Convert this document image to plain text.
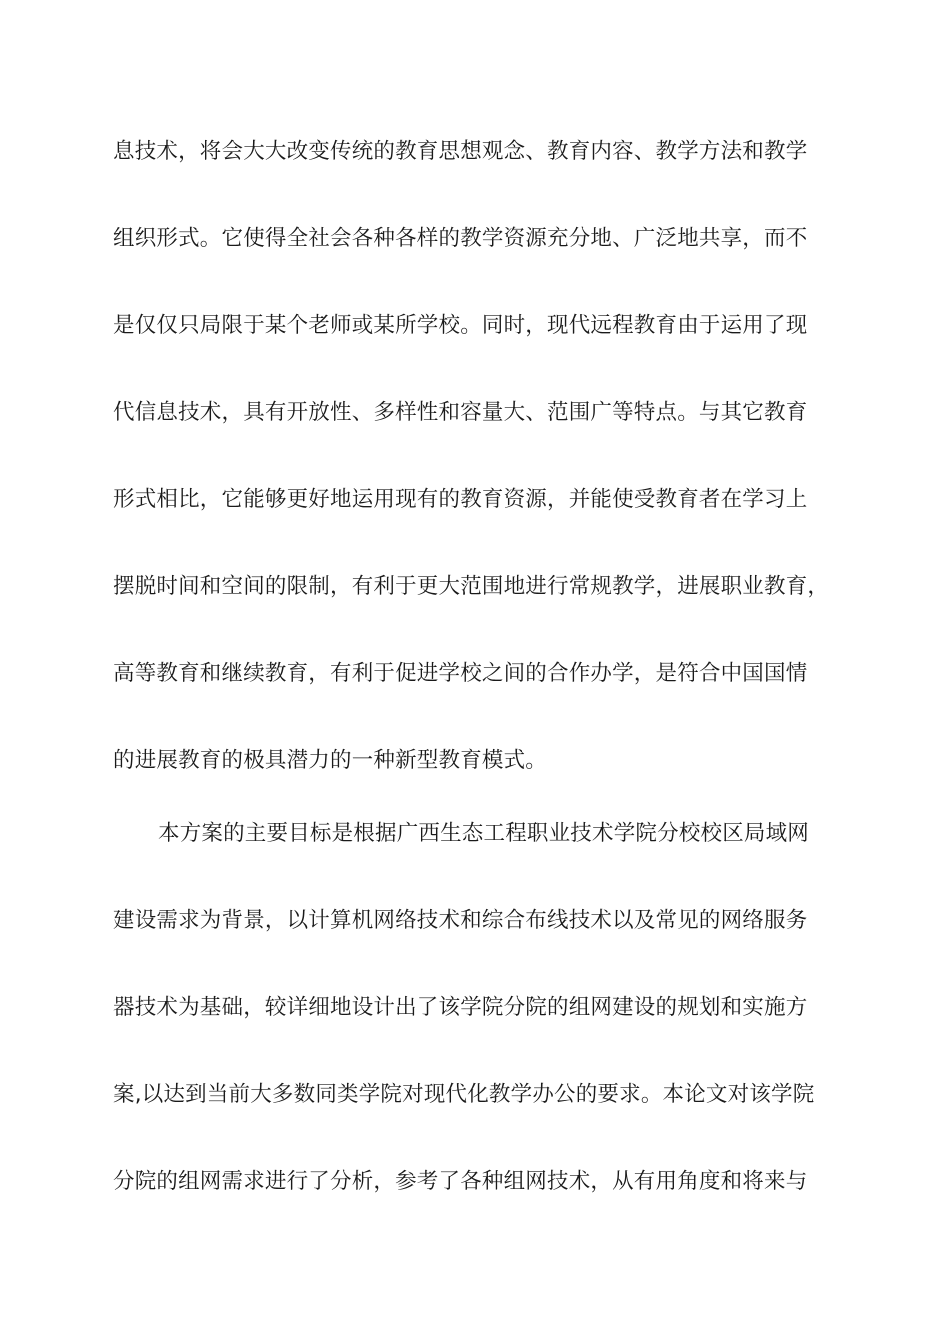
息技术，将会大大改变传统的教育思想观念、教育内容、教学方法和教学
组织形式。它使得全社会各种各样的教学资源充分地、广泛地共享，而不
是仅仅只局限于某个老师或某所学校。同时，现代远程教育由于运用了现
代信息技术，具有开放性、多样性和容量大、范围广等特点。与其它教育
形式相比，它能够更好地运用现有的教育资源，并能使受教育者在学习上
摆脱时间和空间的限制，有利于更大范围地进行常规教学，进展职业教育，
高等教育和继续教育，有利于促进学校之间的合作办学，是符合中国国情
的进展教育的极具潜力的一种新型教育模式。
本方案的主要目标是根据广西生态工程职业技术学院分校校区局域网
建设需求为背景，以计算机网络技术和综合布线技术以及常见的网络服务
器技术为基础，较详细地设计出了该学院分院的组网建设的规划和实施方
案,以达到当前大多数同类学院对现代化教学办公的要求。本论文对该学院
分院的组网需求进行了分析，参考了各种组网技术，从有用角度和将来与
